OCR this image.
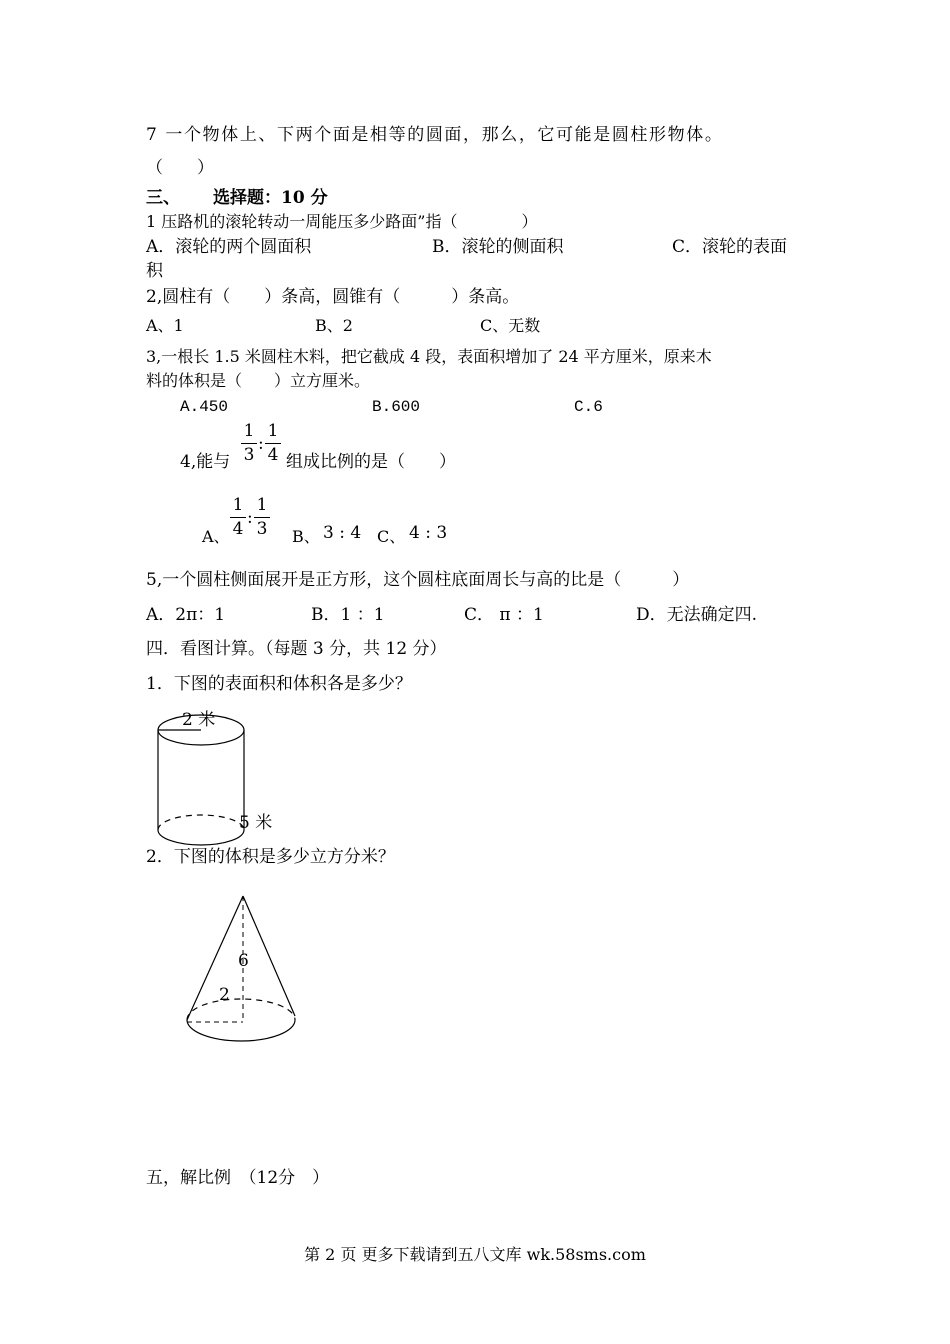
7 一个物体上、下两个面是相等的圆面，那么，它可能是圆柱形物体。
（　　）
三、 选择题：10 分
1 压路机的滚轮转动一周能压多少路面”指（　　　　）
A．滚轮的两个圆面积	B．滚轮的侧面积	C．滚轮的表面
积
2,圆柱有（　　）条高，圆锥有（　　　）条高。
A、1	B、2	C、无数
3,一根长 1.5 米圆柱木料，把它截成 4 段，表面积增加了 24 平方厘米，原来木
料的体积是（　　）立方厘米。
A.450	B.600	C.6
1
3
:
1
4
4,能与	组成比例的是（　　）
A、
1
4
:
1
3 B、 3 : 4 C、 4 : 3
5,一个圆柱侧面展开是正方形，这个圆柱底面周长与高的比是（　　　）
A．2π：1	B．1 ：1	C． π ：1	D．无法确定四.
四．看图计算。（每题 3 分，共 12 分）
1．下图的表面积和体积各是多少？
2 米
5 米
2．下图的体积是多少立方分米？
6
2
五，解比例　（12分　）
第 2 页 更多下载请到五八文库 wk.58sms.com
